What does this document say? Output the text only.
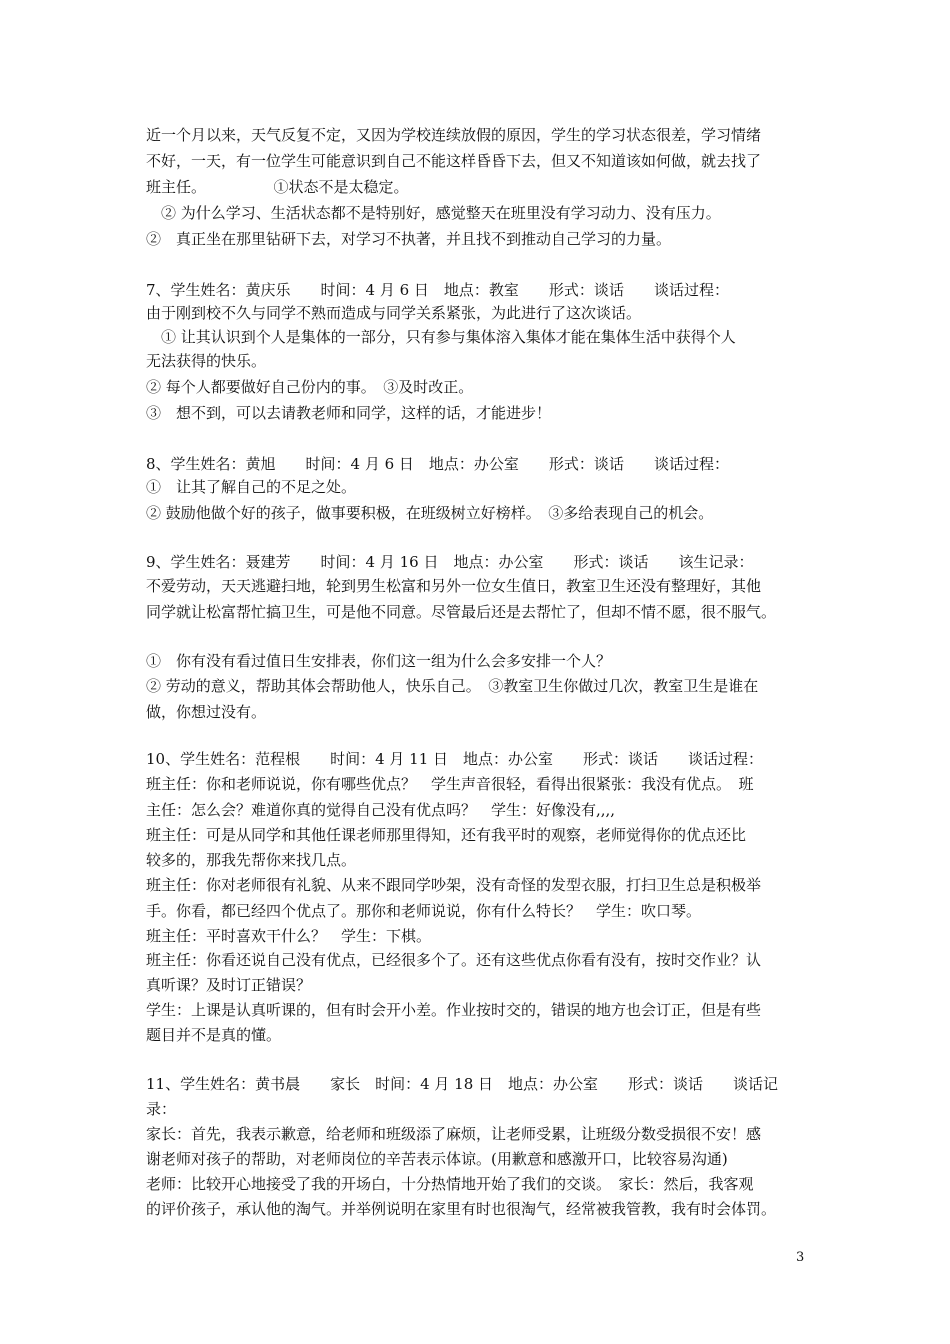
近一个月以来，天气反复不定，又因为学校连续放假的原因，学生的学习状态很差，学习情绪
不好，一天，有一位学生可能意识到自己不能这样昏昏下去，但又不知道该如何做，就去找了
班主任。　　　　　①状态不是太稳定。
　② 为什么学习、生活状态都不是特别好，感觉整天在班里没有学习动力、没有压力。
②　真正坐在那里钻研下去，对学习不执著，并且找不到推动自己学习的力量。
7、学生姓名：黄庆乐　　时间：4 月 6 日　地点：教室　　形式：谈话　　谈话过程：
由于刚到校不久与同学不熟而造成与同学关系紧张，为此进行了这次谈话。
　① 让其认识到个人是集体的一部分，只有参与集体溶入集体才能在集体生活中获得个人
无法获得的快乐。
② 每个人都要做好自己份内的事。　③及时改正。
③　想不到，可以去请教老师和同学，这样的话，才能进步！
8、学生姓名：黄旭　　时间：4 月 6 日　地点：办公室　　形式：谈话　　谈话过程：
①　让其了解自己的不足之处。
② 鼓励他做个好的孩子，做事要积极，在班级树立好榜样。　③多给表现自己的机会。
9、学生姓名：聂建芳　　时间：4 月 16 日　地点：办公室　　形式：谈话　　该生记录：
不爱劳动，天天逃避扫地，轮到男生松富和另外一位女生值日，教室卫生还没有整理好，其他
同学就让松富帮忙搞卫生，可是他不同意。尽管最后还是去帮忙了，但却不情不愿，很不服气。
①　你有没有看过值日生安排表，你们这一组为什么会多安排一个人？
② 劳动的意义，帮助其体会帮助他人，快乐自己。　③教室卫生你做过几次，教室卫生是谁在
做，你想过没有。
10、学生姓名：范程根　　时间：4 月 11 日　地点：办公室　　形式：谈话　　谈话过程：
班主任：你和老师说说，你有哪些优点？　学生声音很轻，看得出很紧张：我没有优点。　班
主任：怎么会？难道你真的觉得自己没有优点吗？　学生：好像没有,,,,
班主任：可是从同学和其他任课老师那里得知，还有我平时的观察，老师觉得你的优点还比
较多的，那我先帮你来找几点。
班主任：你对老师很有礼貌、从来不跟同学吵架，没有奇怪的发型衣服，打扫卫生总是积极举
手。你看，都已经四个优点了。那你和老师说说，你有什么特长？　学生：吹口琴。
班主任：平时喜欢干什么？　学生：下棋。
班主任：你看还说自己没有优点，已经很多个了。还有这些优点你看有没有，按时交作业？认
真听课？及时订正错误？
学生：上课是认真听课的，但有时会开小差。作业按时交的，错误的地方也会订正，但是有些
题目并不是真的懂。
11、学生姓名：黄书晨　　家长　时间：4 月 18 日　地点：办公室　　形式：谈话　　谈话记
录：
家长：首先，我表示歉意，给老师和班级添了麻烦，让老师受累，让班级分数受损很不安！感
谢老师对孩子的帮助，对老师岗位的辛苦表示体谅。(用歉意和感激开口，比较容易沟通)
老师：比较开心地接受了我的开场白，十分热情地开始了我们的交谈。　家长：然后，我客观
的评价孩子，承认他的淘气。并举例说明在家里有时也很淘气，经常被我管教，我有时会体罚。
3
